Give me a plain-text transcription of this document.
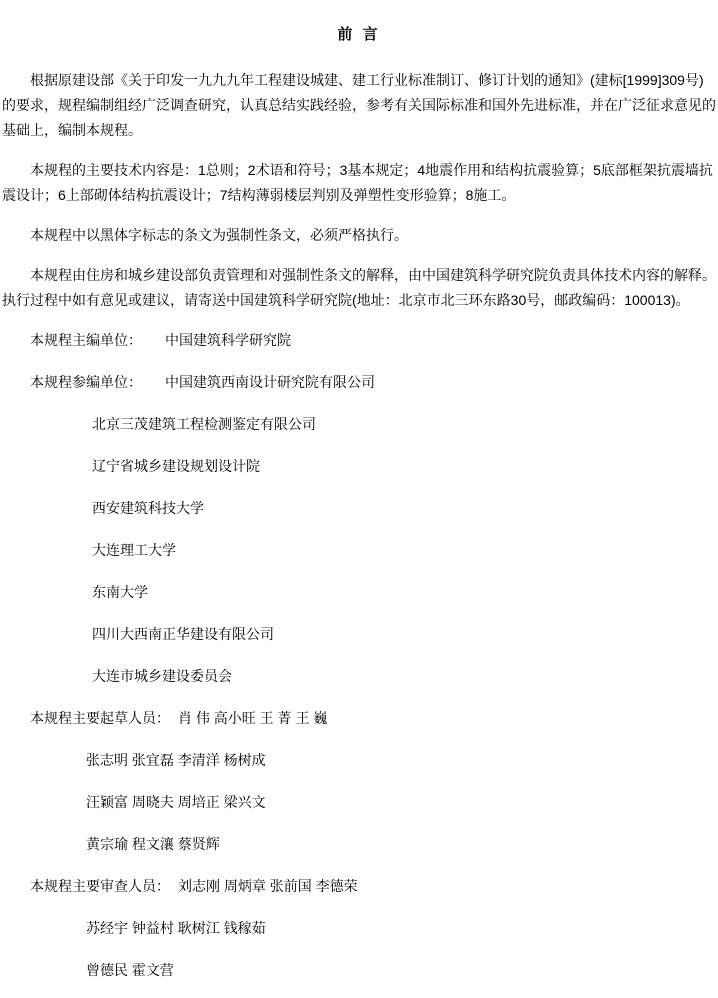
前 言

根据原建设部《关于印发一九九九年工程建设城建、建工行业标准制订、修订计划的通知》(建标[1999]309号)的要求，规程编制组经广泛调查研究，认真总结实践经验，参考有关国际标准和国外先进标准，并在广泛征求意见的基础上，编制本规程。

本规程的主要技术内容是：1总则；2术语和符号；3基本规定；4地震作用和结构抗震验算；5底部框架抗震墙抗震设计；6上部砌体结构抗震设计；7结构薄弱楼层判别及弹塑性变形验算；8施工。

本规程中以黑体字标志的条文为强制性条文，必须严格执行。

本规程由住房和城乡建设部负责管理和对强制性条文的解释，由中国建筑科学研究院负责具体技术内容的解释。执行过程中如有意见或建议，请寄送中国建筑科学研究院(地址：北京市北三环东路30号，邮政编码：100013)。

本规程主编单位： 中国建筑科学研究院
本规程参编单位： 中国建筑西南设计研究院有限公司
北京三茂建筑工程检测鉴定有限公司
辽宁省城乡建设规划设计院
西安建筑科技大学
大连理工大学
东南大学
四川大西南正华建设有限公司
大连市城乡建设委员会
本规程主要起草人员： 肖 伟 高小旺 王 菁 王 巍
张志明 张宜磊 李清洋 杨树成
汪颖富 周晓夫 周培正 梁兴文
黄宗瑜 程文瀼 蔡贤辉
本规程主要审查人员： 刘志刚 周炳章 张前国 李德荣
苏经宇 钟益村 耿树江 钱稼茹
曾德民 霍文营
